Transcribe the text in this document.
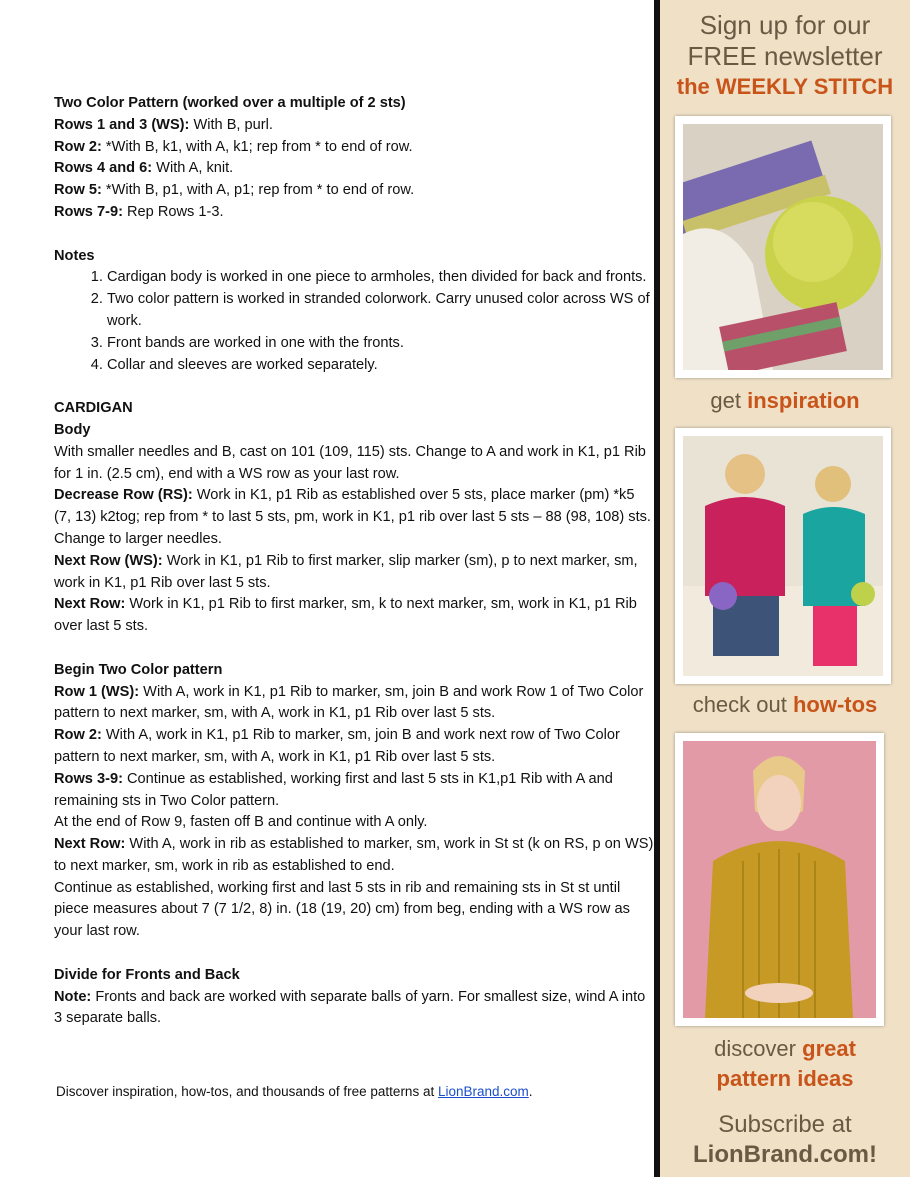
Two Color Pattern (worked over a multiple of 2 sts)

Rows 1 and 3 (WS): With B, purl.

Row 2: *With B, k1, with A, k1; rep from * to end of row.

Rows 4 and 6: With A, knit.

Row 5: *With B, p1, with A, p1; rep from * to end of row.

Rows 7-9: Rep Rows 1-3.

Notes

1. Cardigan body is worked in one piece to armholes, then divided for back and fronts.
2. Two color pattern is worked in stranded colorwork. Carry unused color across WS of work.
3. Front bands are worked in one with the fronts.
4. Collar and sleeves are worked separately.

CARDIGAN

Body

With smaller needles and B, cast on 101 (109, 115) sts. Change to A and work in K1, p1 Rib for 1 in. (2.5 cm), end with a WS row as your last row.

Decrease Row (RS): Work in K1, p1 Rib as established over 5 sts, place marker (pm) *k5 (7, 13) k2tog; rep from * to last 5 sts, pm, work in K1, p1 rib over last 5 sts – 88 (98, 108) sts.

Change to larger needles.

Next Row (WS): Work in K1, p1 Rib to first marker, slip marker (sm), p to next marker, sm, work in K1, p1 Rib over last 5 sts.

Next Row: Work in K1, p1 Rib to first marker, sm, k to next marker, sm, work in K1, p1 Rib over last 5 sts.

Begin Two Color pattern

Row 1 (WS): With A, work in K1, p1 Rib to marker, sm, join B and work Row 1 of Two Color pattern to next marker, sm, with A, work in K1, p1 Rib over last 5 sts.

Row 2: With A, work in K1, p1 Rib to marker, sm, join B and work next row of Two Color pattern to next marker, sm, with A, work in K1, p1 Rib over last 5 sts.

Rows 3-9: Continue as established, working first and last 5 sts in K1,p1 Rib with A and remaining sts in Two Color pattern.

At the end of Row 9, fasten off B and continue with A only.

Next Row: With A, work in rib as established to marker, sm, work in St st (k on RS, p on WS) to next marker, sm, work in rib as established to end.

Continue as established, working first and last 5 sts in rib and remaining sts in St st until piece measures about 7 (7 1/2, 8) in. (18 (19, 20) cm) from beg, ending with a WS row as your last row.

Divide for Fronts and Back

Note: Fronts and back are worked with separate balls of yarn. For smallest size, wind A into 3 separate balls.

Discover inspiration, how-tos, and thousands of free patterns at LionBrand.com.
Sign up for our
FREE newsletter
the WEEKLY STITCH
get inspiration
check out how-tos
discover great
pattern ideas
Subscribe at
LionBrand.com!
